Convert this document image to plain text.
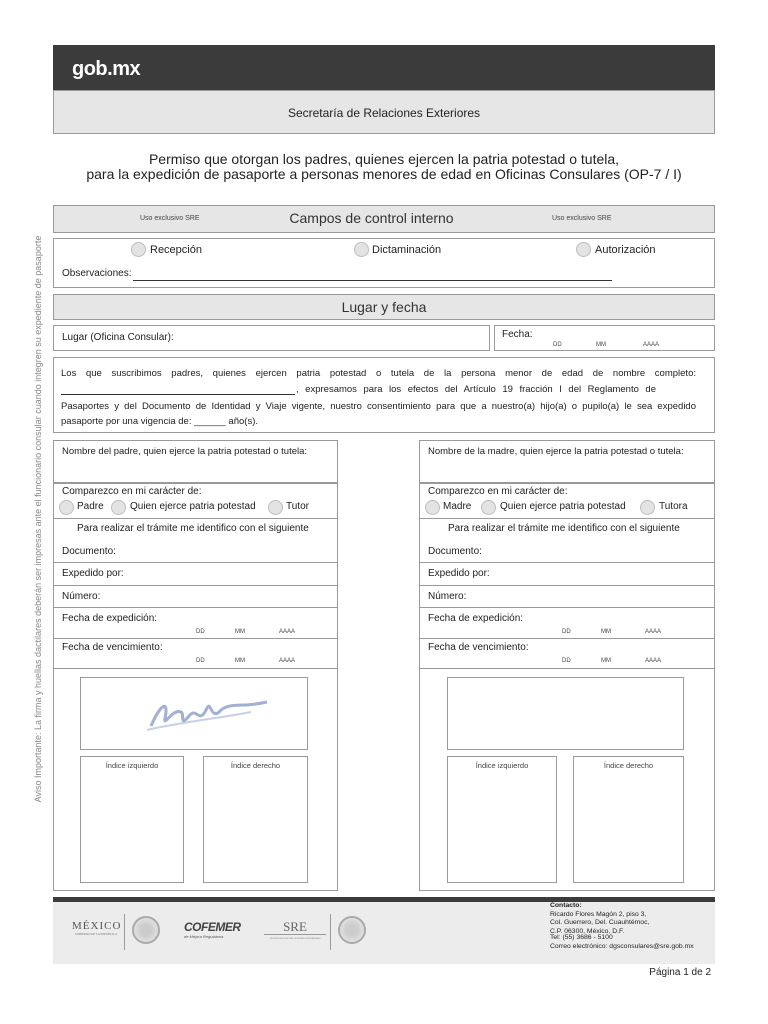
gob.mx
Secretaría de Relaciones Exteriores
Permiso que otorgan los padres, quienes ejercen la patria potestad o tutela,
para la expedición de pasaporte a personas menores de edad en Oficinas Consulares (OP-7 / I)
Aviso Importante: La firma y huellas dactilares deberán ser impresas ante el funcionario consular cuando integren su expediente de pasaporte
Uso exclusivo SRE	Campos de control interno	Uso exclusivo SRE
Recepción	Dictaminación	Autorización
Observaciones:
Lugar y fecha
Lugar (Oficina Consular):	Fecha:
DD	MM	AAAA
Los que suscribimos padres, quienes ejercen patria potestad o tutela de la persona menor de edad de nombre completo:
, expresamos para los efectos del Artículo 19 fracción I del Reglamento de
Pasaportes y del Documento de Identidad y Viaje vigente, nuestro consentimiento para que a nuestro(a) hijo(a) o pupilo(a) le sea expedido
pasaporte por una vigencia de: ______ año(s).
Nombre del padre, quien ejerce la patria potestad o tutela:
Comparezco en mi carácter de:
Padre	Quien ejerce patria potestad	Tutor
Para realizar el trámite me identifico con el siguiente
Documento:
Expedido por:
Número:
Fecha de expedición:
DD	MM	AAAA
Fecha de vencimiento:
DD	MM	AAAA
Índice izquierdo	Índice derecho
Nombre de la madre, quien ejerce la patria potestad o tutela:
Comparezco en mi carácter de:
Madre	Quien ejerce patria potestad	Tutora
Para realizar el trámite me identifico con el siguiente
Documento:
Expedido por:
Número:
Fecha de expedición:
DD	MM	AAAA
Fecha de vencimiento:
DD	MM	AAAA
Índice izquierdo	Índice derecho
MÉXICO
GOBIERNO DE LA REPÚBLICA	COFEMER
de Mejora Regulatoria
SRE
SECRETARÍA DE RELACIONES EXTERIORES
Contacto:
Ricardo Flores Magón 2, piso 3,
Col. Guerrero, Del. Cuauhtémoc,
C.P. 06300, México, D.F.
Tel: (55) 3686 - 5100
Correo electrónico: dgsconsulares@sre.gob.mx
Página 1 de 2
